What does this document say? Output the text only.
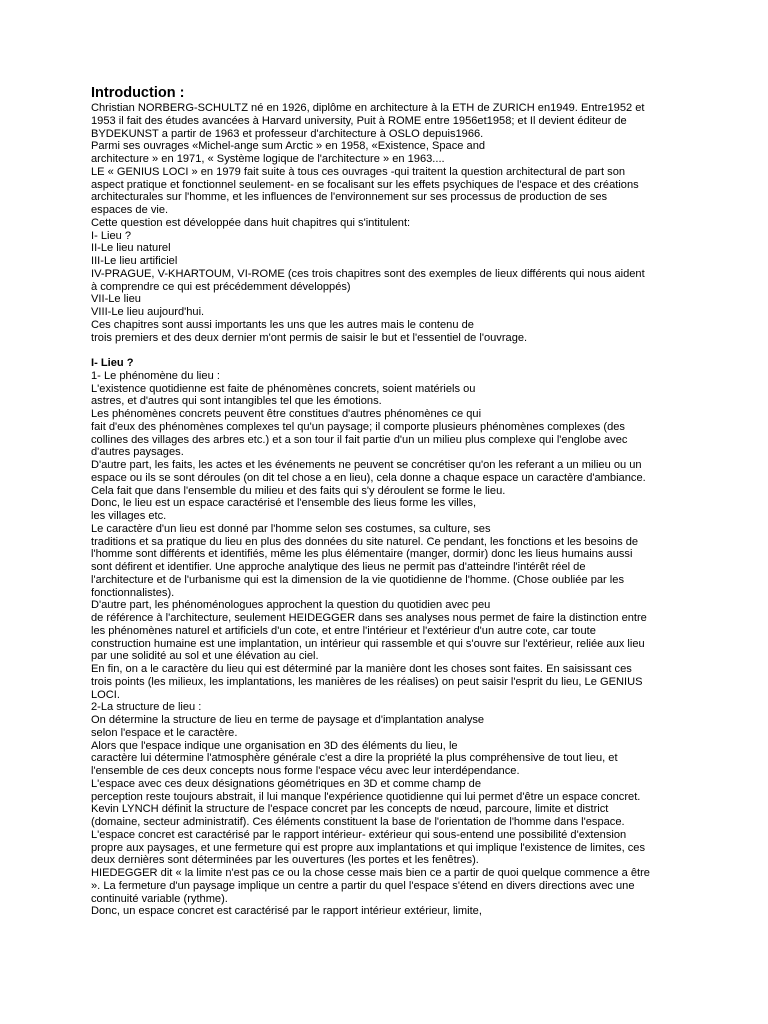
Introduction :
Christian NORBERG-SCHULTZ né en 1926, diplôme en architecture à la ETH de ZURICH en1949. Entre1952 et
1953 il fait des études avancées à Harvard university, Puit à ROME entre 1956et1958; et Il devient éditeur de
BYDEKUNST a partir de 1963 et professeur d'architecture à OSLO depuis1966.
Parmi ses ouvrages «Michel-ange sum Arctic » en 1958, «Existence, Space and
architecture » en 1971, « Système logique de l'architecture » en 1963....
LE « GENIUS LOCI » en 1979 fait suite à tous ces ouvrages -qui traitent la question architectural de part son
aspect pratique et fonctionnel seulement- en se focalisant sur les effets psychiques de l'espace et des créations
architecturales sur l'homme, et les influences de l'environnement sur ses processus de production de ses
espaces de vie.
Cette question est développée dans huit chapitres qui s'intitulent:
I- Lieu ?
II-Le lieu naturel
III-Le lieu artificiel
IV-PRAGUE, V-KHARTOUM, VI-ROME (ces trois chapitres sont des exemples de lieux différents qui nous aident
à comprendre ce qui est précédemment développés)
VII-Le lieu
VIII-Le lieu aujourd'hui.
Ces chapitres sont aussi importants les uns que les autres mais le contenu de
trois premiers et des deux dernier m'ont permis de saisir le but et l'essentiel de l'ouvrage.
I- Lieu ?
1- Le phénomène du lieu :
L'existence quotidienne est faite de phénomènes concrets, soient matériels ou
astres, et d'autres qui sont intangibles tel que les émotions.
Les phénomènes concrets peuvent être constitues d'autres phénomènes ce qui
fait d'eux des phénomènes complexes tel qu'un paysage; il comporte plusieurs phénomènes complexes (des
collines des villages des arbres etc.) et a son tour il fait partie d'un un milieu plus complexe qui l'englobe avec
d'autres paysages.
D'autre part, les faits, les actes et les événements ne peuvent se concrétiser qu'on les referant a un milieu ou un
espace ou ils se sont déroules (on dit tel chose a en lieu), cela donne a chaque espace un caractère d'ambiance.
Cela fait que dans l'ensemble du milieu et des faits qui s'y déroulent se forme le lieu.
Donc, le lieu est un espace caractérisé et l'ensemble des lieus forme les villes,
les villages etc.
Le caractère d'un lieu est donné par l'homme selon ses costumes, sa culture, ses
traditions et sa pratique du lieu en plus des données du site naturel. Ce pendant, les fonctions et les besoins de
l'homme sont différents et identifiés, même les plus élémentaire (manger, dormir) donc les lieus humains aussi
sont défirent et identifier. Une approche analytique des lieus ne permit pas d'atteindre l'intérêt réel de
l'architecture et de l'urbanisme qui est la dimension de la vie quotidienne de l'homme. (Chose oubliée par les
fonctionnalistes).
D'autre part, les phénoménologues approchent la question du quotidien avec peu
de référence à l'architecture, seulement HEIDEGGER dans ses analyses nous permet de faire la distinction entre
les phénomènes naturel et artificiels d'un cote, et entre l'intérieur et l'extérieur d'un autre cote, car toute
construction humaine est une implantation, un intérieur qui rassemble et qui s'ouvre sur l'extérieur, reliée aux lieu
par une solidité au sol et une élévation au ciel.
En fin, on a le caractère du lieu qui est déterminé par la manière dont les choses sont faites. En saisissant ces
trois points (les milieux, les implantations, les manières de les réalises) on peut saisir l'esprit du lieu, Le GENIUS
LOCI.
2-La structure de lieu :
On détermine la structure de lieu en terme de paysage et d'implantation analyse
selon l'espace et le caractère.
Alors que l'espace indique une organisation en 3D des éléments du lieu, le
caractère lui détermine l'atmosphère générale c'est a dire la propriété la plus compréhensive de tout lieu, et
l'ensemble de ces deux concepts nous forme l'espace vécu avec leur interdépendance.
L'espace avec ces deux désignations géométriques en 3D et comme champ de
perception reste toujours abstrait, il lui manque l'expérience quotidienne qui lui permet d'être un espace concret.
Kevin LYNCH définit la structure de l'espace concret par les concepts de nœud, parcoure, limite et district
(domaine, secteur administratif). Ces éléments constituent la base de l'orientation de l'homme dans l'espace.
L'espace concret est caractérisé par le rapport intérieur- extérieur qui sous-entend une possibilité d'extension
propre aux paysages, et une fermeture qui est propre aux implantations et qui implique l'existence de limites, ces
deux dernières sont déterminées par les ouvertures (les portes et les fenêtres).
HIEDEGGER dit « la limite n'est pas ce ou la chose cesse mais bien ce a partir de quoi quelque commence a être
». La fermeture d'un paysage implique un centre a partir du quel l'espace s'étend en divers directions avec une
continuité variable (rythme).
Donc, un espace concret est caractérisé par le rapport intérieur extérieur, limite,
